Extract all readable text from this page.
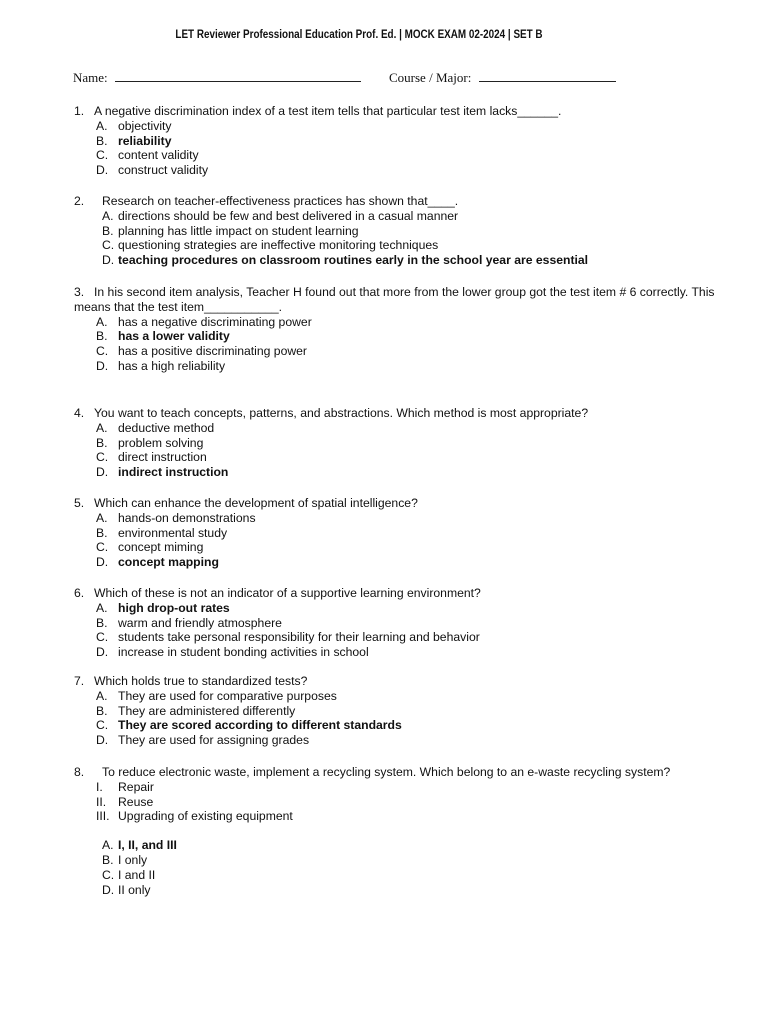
LET Reviewer Professional Education Prof. Ed. | MOCK EXAM 02-2024 | SET B
Name:	Course / Major:
1. A negative discrimination index of a test item tells that particular test item lacks______.
A. objectivity
B. reliability
C. content validity
D. construct validity
2. Research on teacher-effectiveness practices has shown that____.
A. directions should be few and best delivered in a casual manner
B. planning has little impact on student learning
C. questioning strategies are ineffective monitoring techniques
D. teaching procedures on classroom routines early in the school year are essential
3. In his second item analysis, Teacher H found out that more from the lower group got the test item # 6 correctly. This
means that the test item___________.
A. has a negative discriminating power
B. has a lower validity
C. has a positive discriminating power
D. has a high reliability
4. You want to teach concepts, patterns, and abstractions. Which method is most appropriate?
A. deductive method
B. problem solving
C. direct instruction
D. indirect instruction
5. Which can enhance the development of spatial intelligence?
A. hands-on demonstrations
B. environmental study
C. concept miming
D. concept mapping
6. Which of these is not an indicator of a supportive learning environment?
A. high drop-out rates
B. warm and friendly atmosphere
C. students take personal responsibility for their learning and behavior
D. increase in student bonding activities in school
7. Which holds true to standardized tests?
A. They are used for comparative purposes
B. They are administered differently
C. They are scored according to different standards
D. They are used for assigning grades
8. To reduce electronic waste, implement a recycling system. Which belong to an e-waste recycling system?
I.	Repair
II. Reuse
III. Upgrading of existing equipment
A. I, II, and III
B. I only
C. I and II
D. II only
